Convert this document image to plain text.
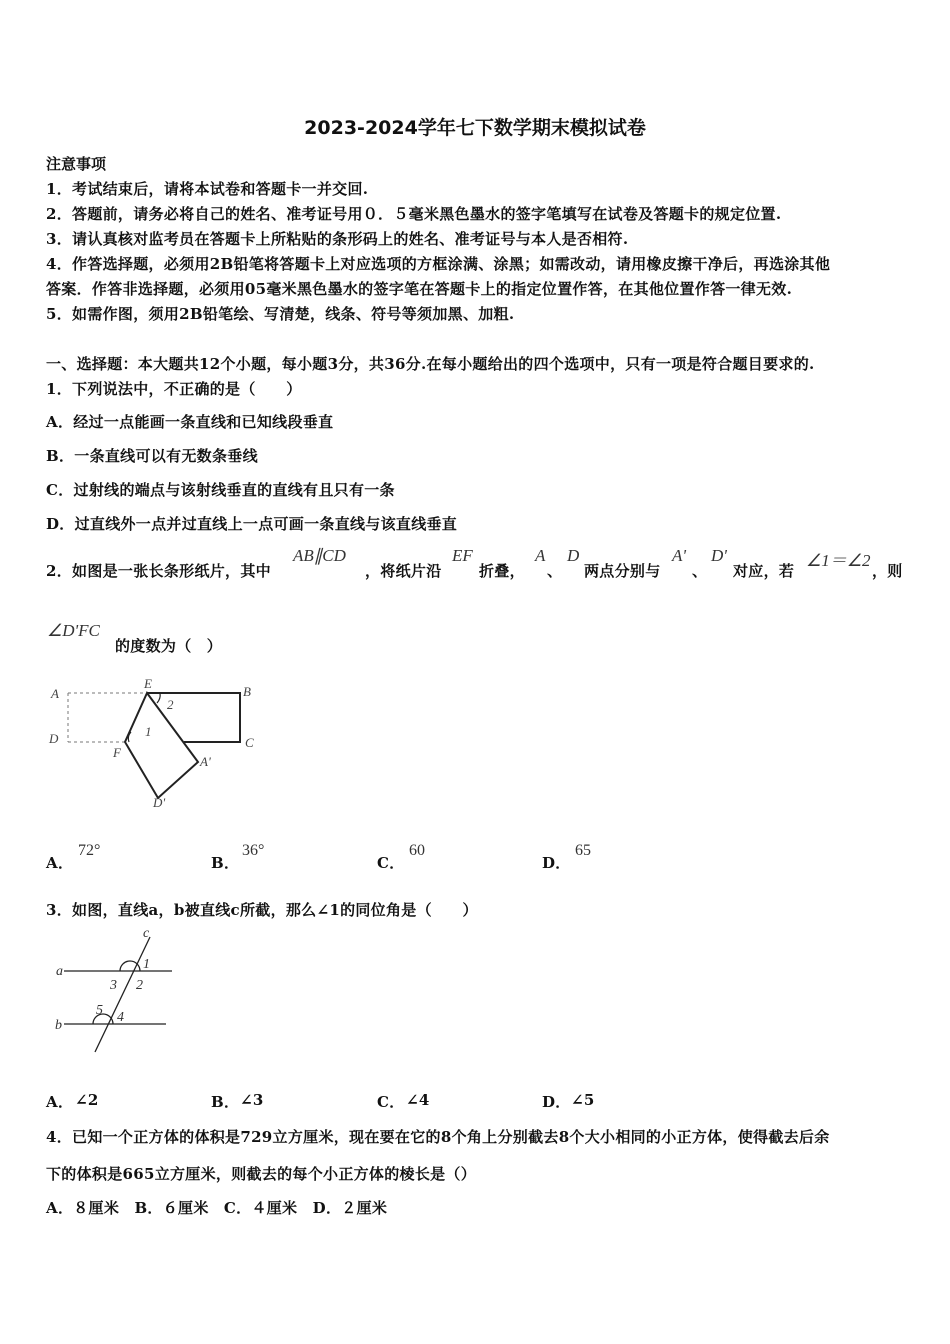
2023-2024学年七下数学期末模拟试卷
注意事项
1．考试结束后，请将本试卷和答题卡一并交回.
2．答题前，请务必将自己的姓名、准考证号用０．５毫米黑色墨水的签字笔填写在试卷及答题卡的规定位置.
3．请认真核对监考员在答题卡上所粘贴的条形码上的姓名、准考证号与本人是否相符.
4．作答选择题，必须用2B铅笔将答题卡上对应选项的方框涂满、涂黑；如需改动，请用橡皮擦干净后，再选涂其他
答案．作答非选择题，必须用05毫米黑色墨水的签字笔在答题卡上的指定位置作答，在其他位置作答一律无效.
5．如需作图，须用2B铅笔绘、写清楚，线条、符号等须加黑、加粗.
一、选择题：本大题共12个小题，每小题3分，共36分.在每小题给出的四个选项中，只有一项是符合题目要求的.
1．下列说法中，不正确的是（　　）
A．经过一点能画一条直线和已知线段垂直
B．一条直线可以有无数条垂线
C．过射线的端点与该射线垂直的直线有且只有一条
D．过直线外一点并过直线上一点可画一条直线与该直线垂直
2．如图是一张长条形纸片，其中
AB∥CD
，将纸片沿
EF
折叠，
A
、
D
两点分别与
A'
、
D'
对应，若
∠1＝∠2
，则
∠D'FC
的度数为（　）
A
E
B
D	C
F
A'
D'
1
2
A．
72°
B．
36°
C．
60
D．
65
3．如图，直线a，b被直线c所截，那么∠1的同位角是（　　）
c
a
b
1
2
3
4
5
A． ∠2	B． ∠3	C． ∠4	D． ∠5
4．已知一个正方体的体积是729立方厘米，现在要在它的8个角上分别截去8个大小相同的小正方体，使得截去后余
下的体积是665立方厘米，则截去的每个小正方体的棱长是（）
A．８厘米　B．６厘米　C．４厘米　D．２厘米
